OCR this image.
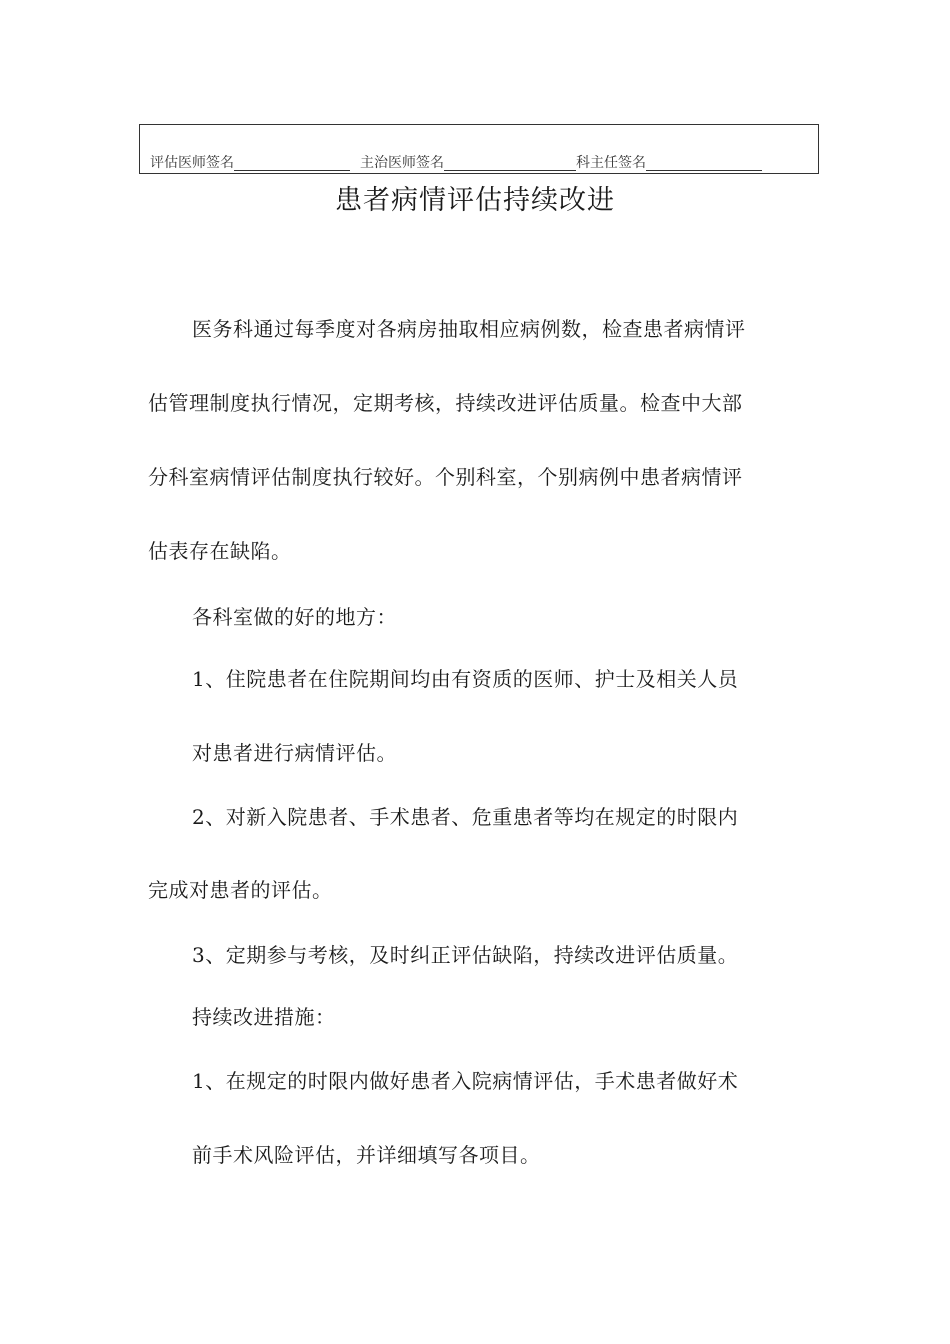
评估医师签名	主治医师签名	科主任签名
患者病情评估持续改进
医务科通过每季度对各病房抽取相应病例数，检查患者病情评
估管理制度执行情况，定期考核，持续改进评估质量。检查中大部
分科室病情评估制度执行较好。个别科室，个别病例中患者病情评
估表存在缺陷。
各科室做的好的地方：
1、住院患者在住院期间均由有资质的医师、护士及相关人员
对患者进行病情评估。
2、对新入院患者、手术患者、危重患者等均在规定的时限内
完成对患者的评估。
3、定期参与考核，及时纠正评估缺陷，持续改进评估质量。
持续改进措施：
1、在规定的时限内做好患者入院病情评估，手术患者做好术
前手术风险评估，并详细填写各项目。
